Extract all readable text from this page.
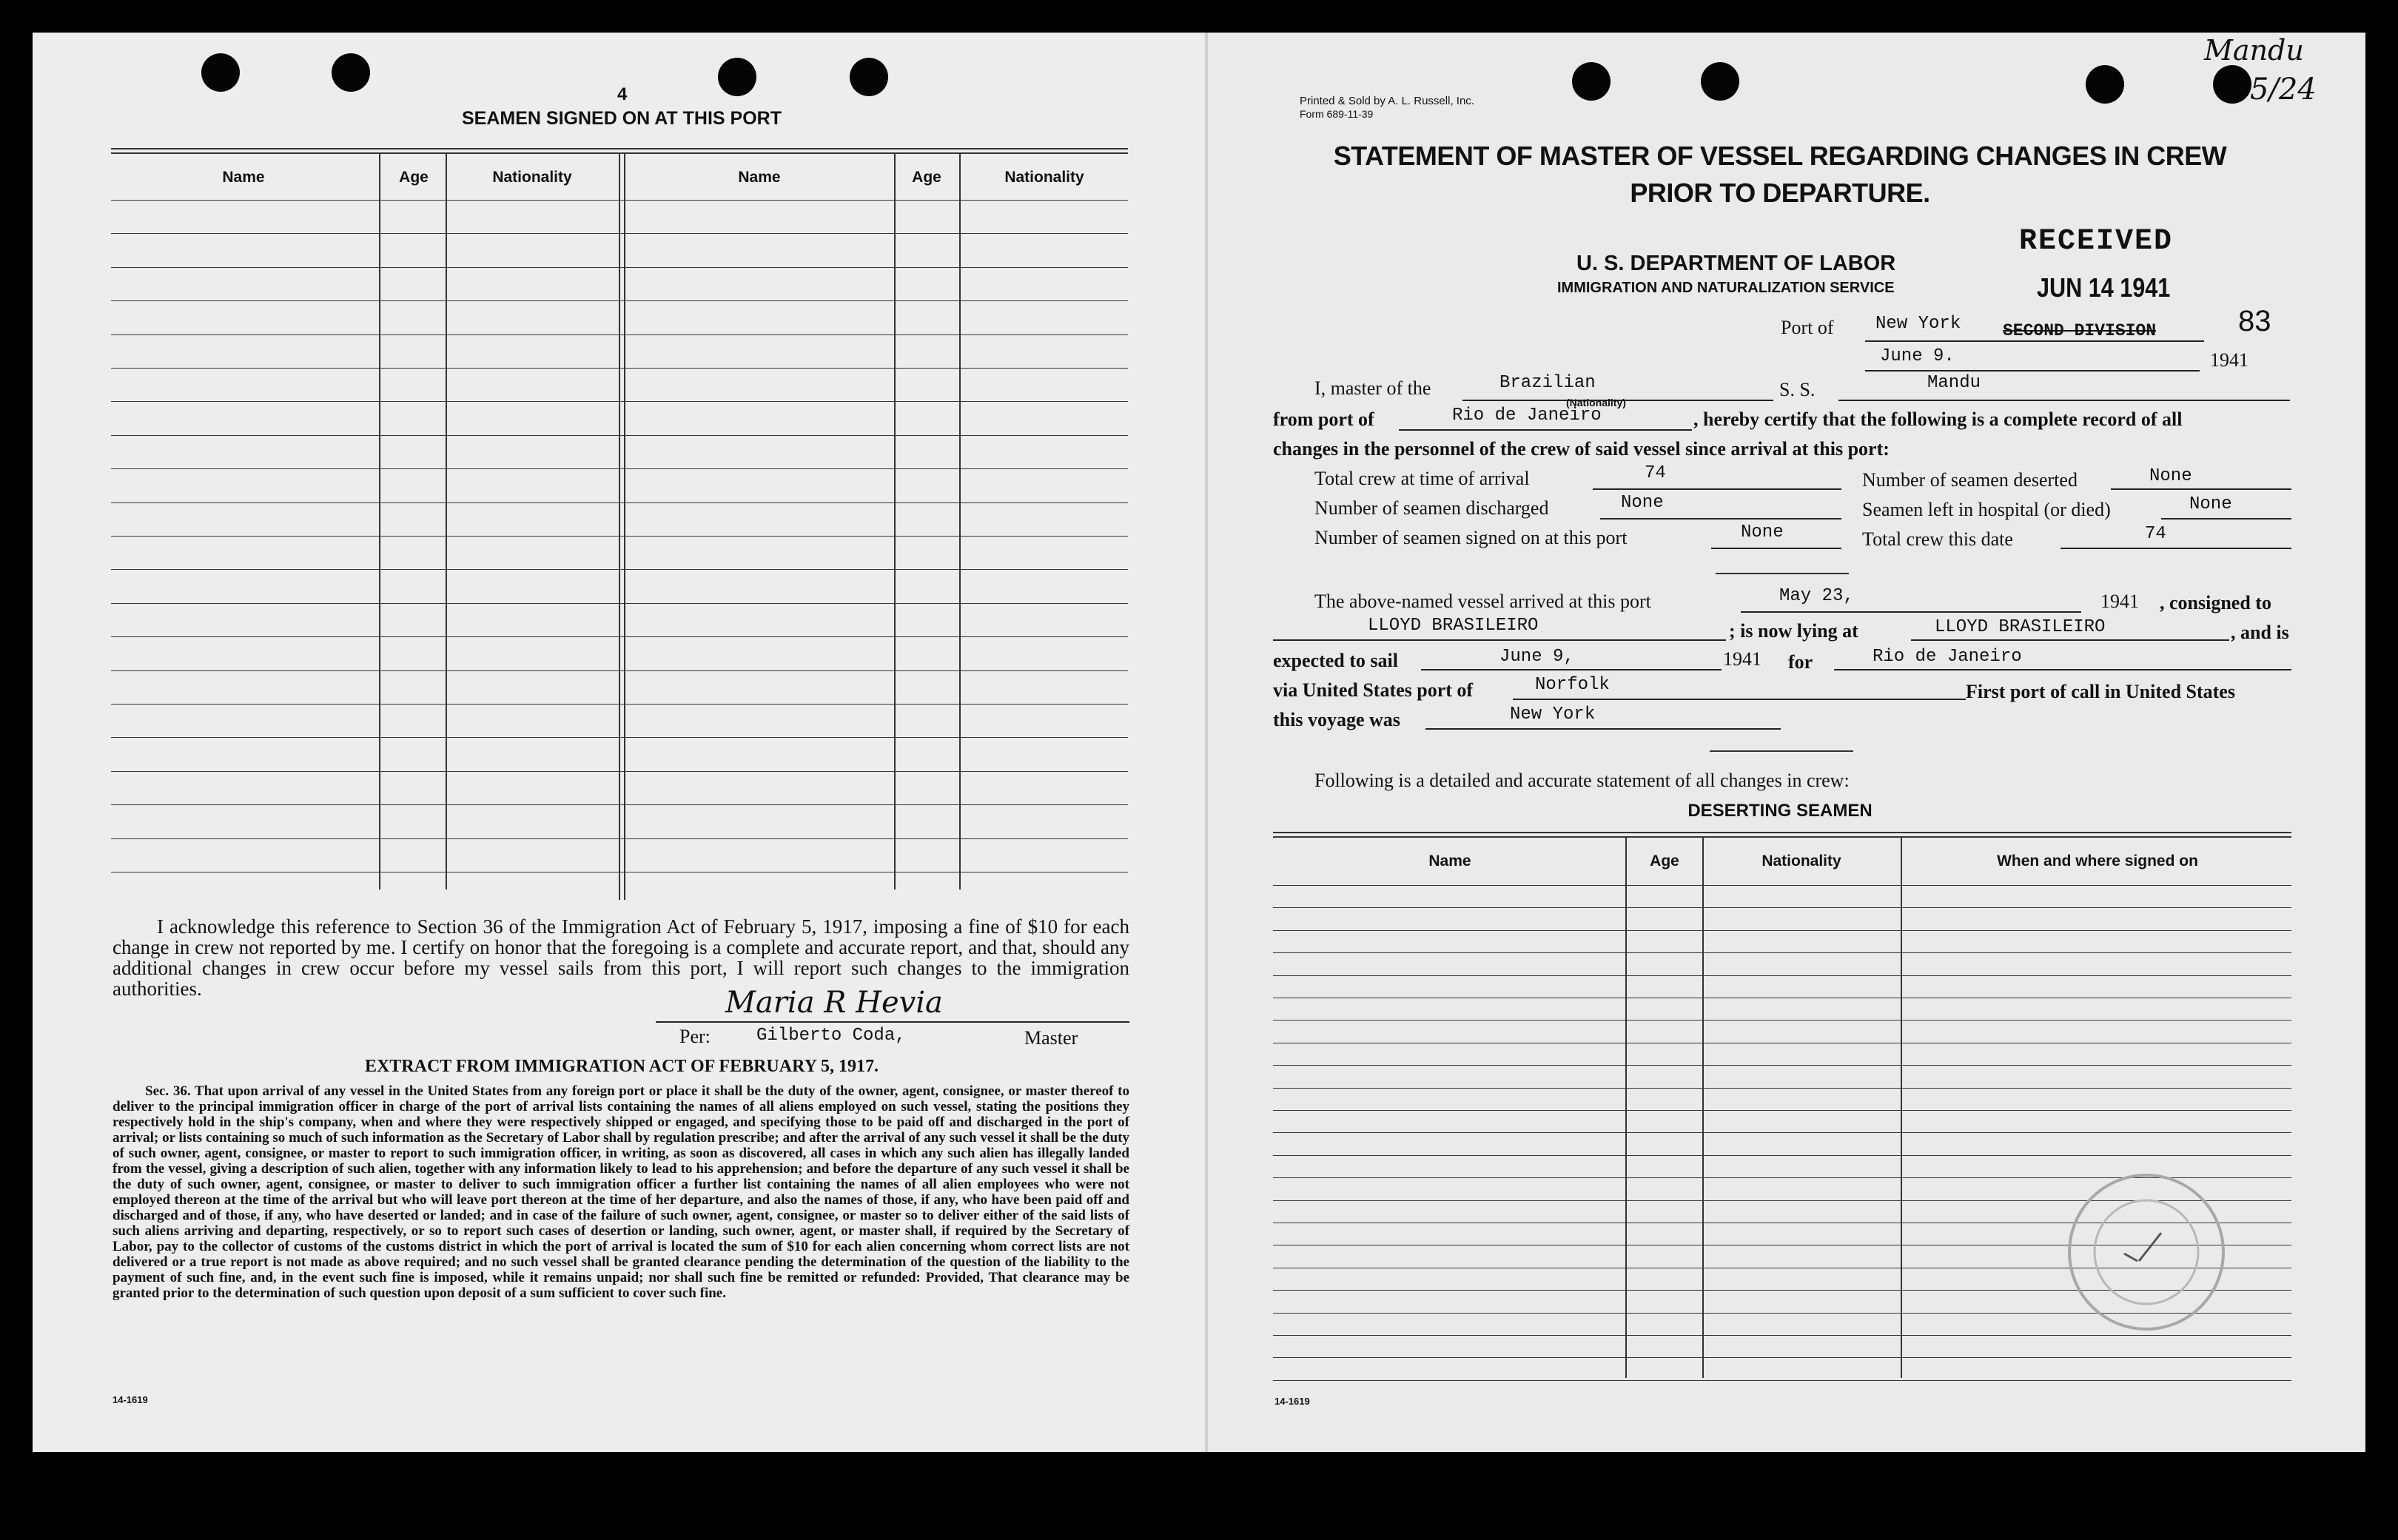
4
SEAMEN SIGNED ON AT THIS PORT
Name	Age	Nationality	Name	Age	Nationality
I acknowledge this reference to Section 36 of the Immigration Act of February 5, 1917, imposing a fine of $10 for each change in crew not reported by me. I certify on honor that the foregoing is a complete and accurate report, and that, should any additional changes in crew occur before my vessel sails from this port, I will report such changes to the immigration authorities.	Maria R Hevia
Per:	Gilberto Coda,	Master
EXTRACT FROM IMMIGRATION ACT OF FEBRUARY 5, 1917.
Sec. 36. That upon arrival of any vessel in the United States from any foreign port or place it shall be the duty of the owner, agent, consignee, or master thereof to deliver to the principal immigration officer in charge of the port of arrival lists containing the names of all aliens employed on such vessel, stating the positions they respectively hold in the ship's company, when and where they were respectively shipped or engaged, and specifying those to be paid off and discharged in the port of arrival; or lists containing so much of such information as the Secretary of Labor shall by regulation prescribe; and after the arrival of any such vessel it shall be the duty of such owner, agent, consignee, or master to report to such immigration officer, in writing, as soon as discovered, all cases in which any such alien has illegally landed from the vessel, giving a description of such alien, together with any information likely to lead to his apprehension; and before the departure of any such vessel it shall be the duty of such owner, agent, consignee, or master to deliver to such immigration officer a further list containing the names of all alien employees who were not employed thereon at the time of the arrival but who will leave port thereon at the time of her departure, and also the names of those, if any, who have been paid off and discharged and of those, if any, who have deserted or landed; and in case of the failure of such owner, agent, consignee, or master so to deliver either of the said lists of such aliens arriving and departing, respectively, or so to report such cases of desertion or landing, such owner, agent, or master shall, if required by the Secretary of Labor, pay to the collector of customs of the customs district in which the port of arrival is located the sum of $10 for each alien concerning whom correct lists are not delivered or a true report is not made as above required; and no such vessel shall be granted clearance pending the determination of the question of the liability to the payment of such fine, and, in the event such fine is imposed, while it remains unpaid; nor shall such fine be remitted or refunded: Provided, That clearance may be granted prior to the determination of such question upon deposit of a sum sufficient to cover such fine.
14-1619
Printed & Sold by A. L. Russell, Inc.
Form 689-11-39
Mandu
5/24
STATEMENT OF MASTER OF VESSEL REGARDING CHANGES IN CREW
PRIOR TO DEPARTURE.
U. S. DEPARTMENT OF LABOR
IMMIGRATION AND NATURALIZATION SERVICE
RECEIVED
JUN 14 1941
83
Port of New York SECOND DIVISION
June 9.	1941
I, master of the	Brazilian
(Nationality)
S. S.	Mandu
from port of	Rio de Janeiro	, hereby certify that the following is a complete record of all
changes in the personnel of the crew of said vessel since arrival at this port:
Total crew at time of arrival	74	Number of seamen deserted	None
Number of seamen discharged	None	Seamen left in hospital (or died)	None
Number of seamen signed on at this port	None	Total crew this date	74
The above-named vessel arrived at this port	May 23,	1941 , consigned to
LLOYD BRASILEIRO	; is now lying at	LLOYD BRASILEIRO	, and is
expected to sail	June 9,	1941 for	Rio de Janeiro
via United States port of	Norfolk	First port of call in United States
this voyage was	New York
Following is a detailed and accurate statement of all changes in crew:
DESERTING SEAMEN
Name	Age	Nationality	When and where signed on
14-1619
